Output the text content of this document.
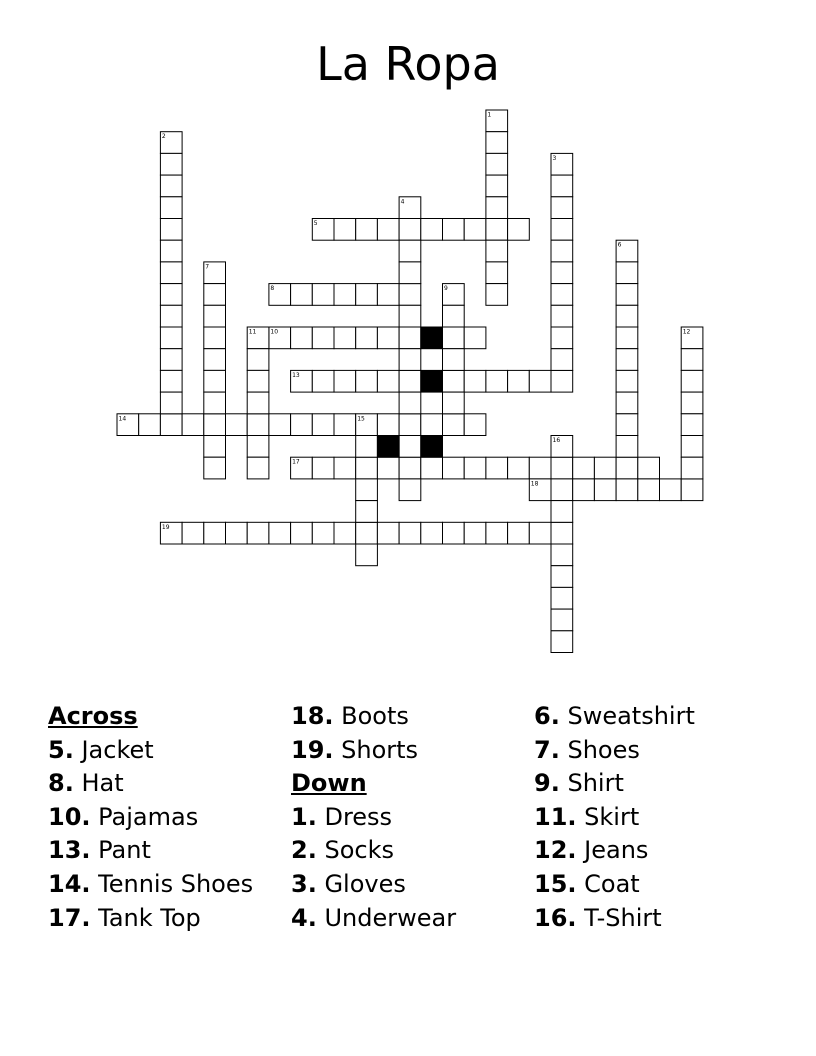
La Ropa
5
8
10
13
14
17
18
19
1
2
3
4
6
7
9
11	12
15
16
Across
5. Jacket
8. Hat
10. Pajamas
13. Pant
14. Tennis Shoes
17. Tank Top
18. Boots
19. Shorts
Down
1. Dress
2. Socks
3. Gloves
4. Underwear
6. Sweatshirt
7. Shoes
9. Shirt
11. Skirt
12. Jeans
15. Coat
16. T-Shirt
